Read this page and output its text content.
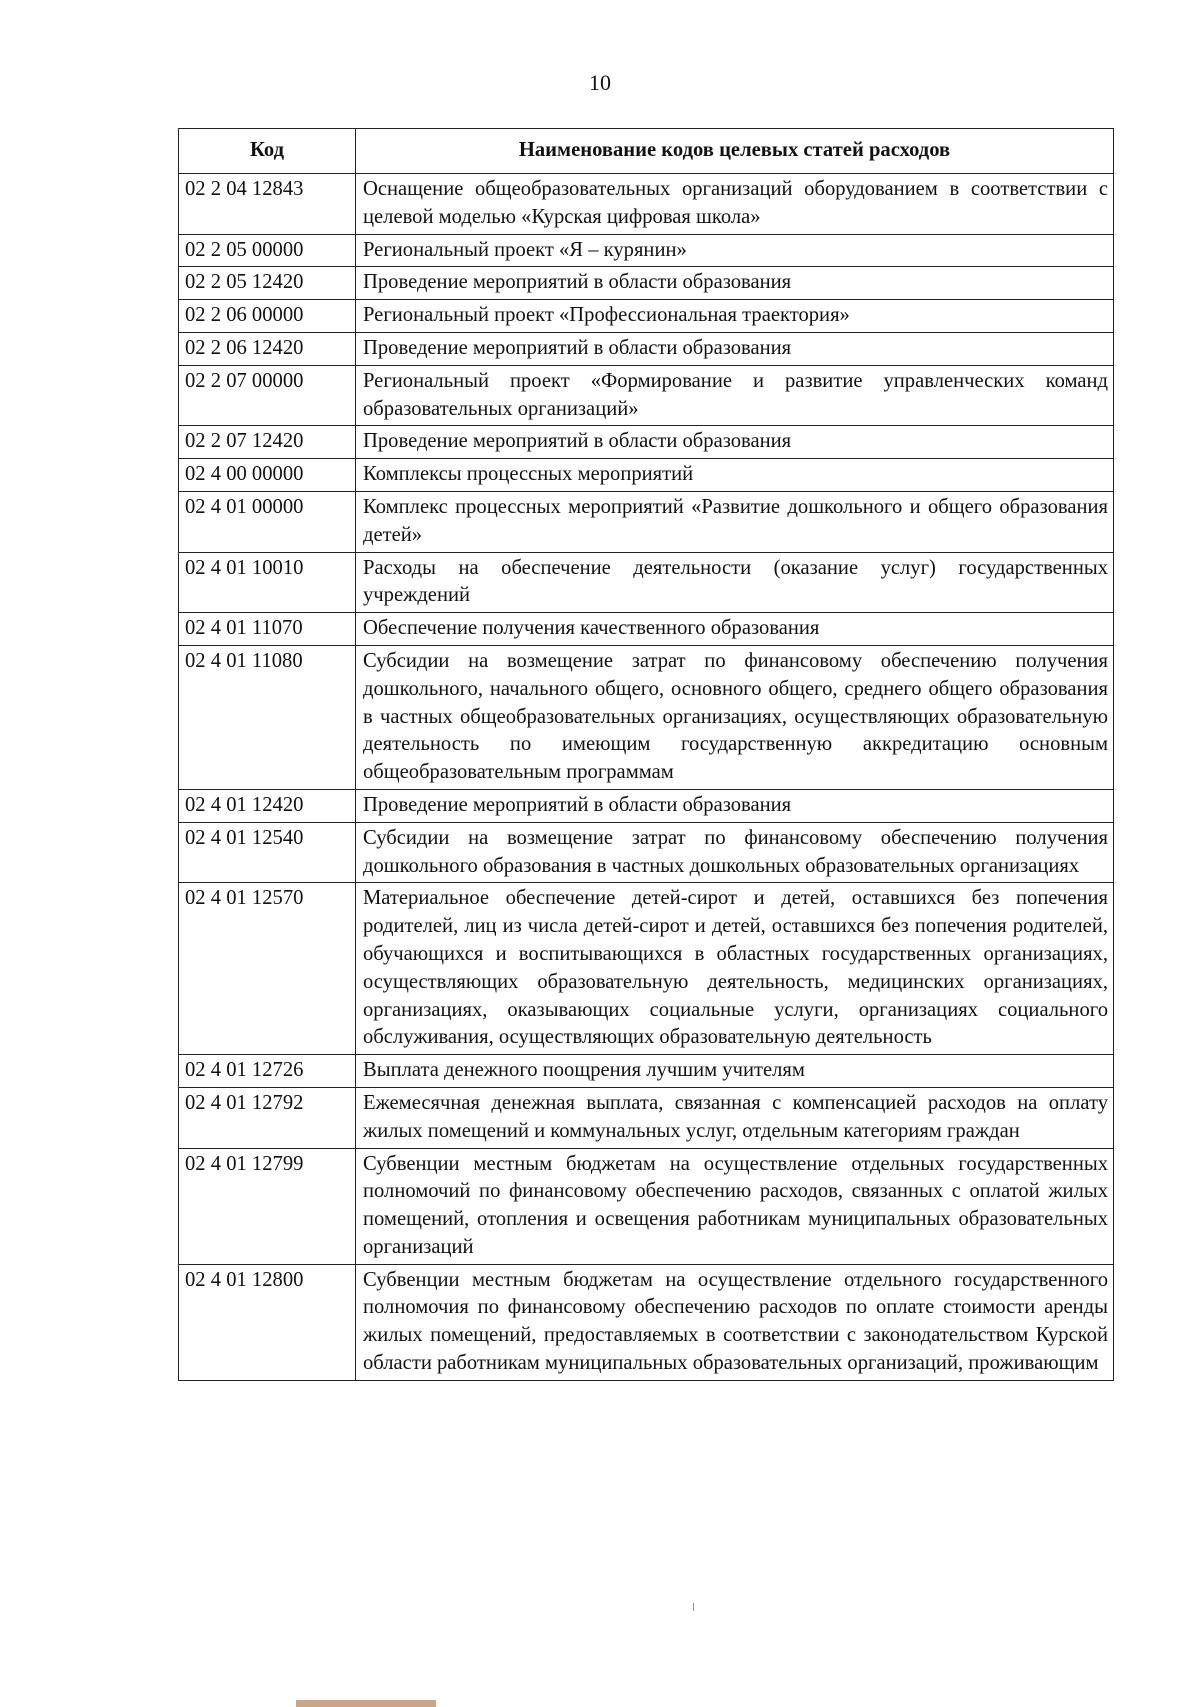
10
Код	Наименование кодов целевых статей расходов
02 2 04 12843	Оснащение общеобразовательных организаций оборудованием в соответствии с целевой моделью «Курская цифровая школа»
02 2 05 00000	Региональный проект «Я – курянин»
02 2 05 12420	Проведение мероприятий в области образования
02 2 06 00000	Региональный проект «Профессиональная траектория»
02 2 06 12420	Проведение мероприятий в области образования
02 2 07 00000	Региональный проект «Формирование и развитие управленческих команд образовательных организаций»
02 2 07 12420	Проведение мероприятий в области образования
02 4 00 00000	Комплексы процессных мероприятий
02 4 01 00000	Комплекс процессных мероприятий «Развитие дошкольного и общего образования детей»
02 4 01 10010	Расходы на обеспечение деятельности (оказание услуг) государственных учреждений
02 4 01 11070	Обеспечение получения качественного образования
02 4 01 11080	Субсидии на возмещение затрат по финансовому обеспечению получения дошкольного, начального общего, основного общего, среднего общего образования в частных общеобразовательных организациях, осуществляющих образовательную деятельность по имеющим государственную аккредитацию основным общеобразовательным программам
02 4 01 12420	Проведение мероприятий в области образования
02 4 01 12540	Субсидии на возмещение затрат по финансовому обеспечению получения дошкольного образования в частных дошкольных образовательных организациях
02 4 01 12570	Материальное обеспечение детей-сирот и детей, оставшихся без попечения родителей, лиц из числа детей-сирот и детей, оставшихся без попечения родителей, обучающихся и воспитывающихся в областных государственных организациях, осуществляющих образовательную деятельность, медицинских организациях, организациях, оказывающих социальные услуги, организациях социального обслуживания, осуществляющих образовательную деятельность
02 4 01 12726	Выплата денежного поощрения лучшим учителям
02 4 01 12792	Ежемесячная денежная выплата, связанная с компенсацией расходов на оплату жилых помещений и коммунальных услуг, отдельным категориям граждан
02 4 01 12799	Субвенции местным бюджетам на осуществление отдельных государственных полномочий по финансовому обеспечению расходов, связанных с оплатой жилых помещений, отопления и освещения работникам муниципальных образовательных организаций
02 4 01 12800	Субвенции местным бюджетам на осуществление отдельного государственного полномочия по финансовому обеспечению расходов по оплате стоимости аренды жилых помещений, предоставляемых в соответствии с законодательством Курской области работникам муниципальных образовательных организаций, проживающим
